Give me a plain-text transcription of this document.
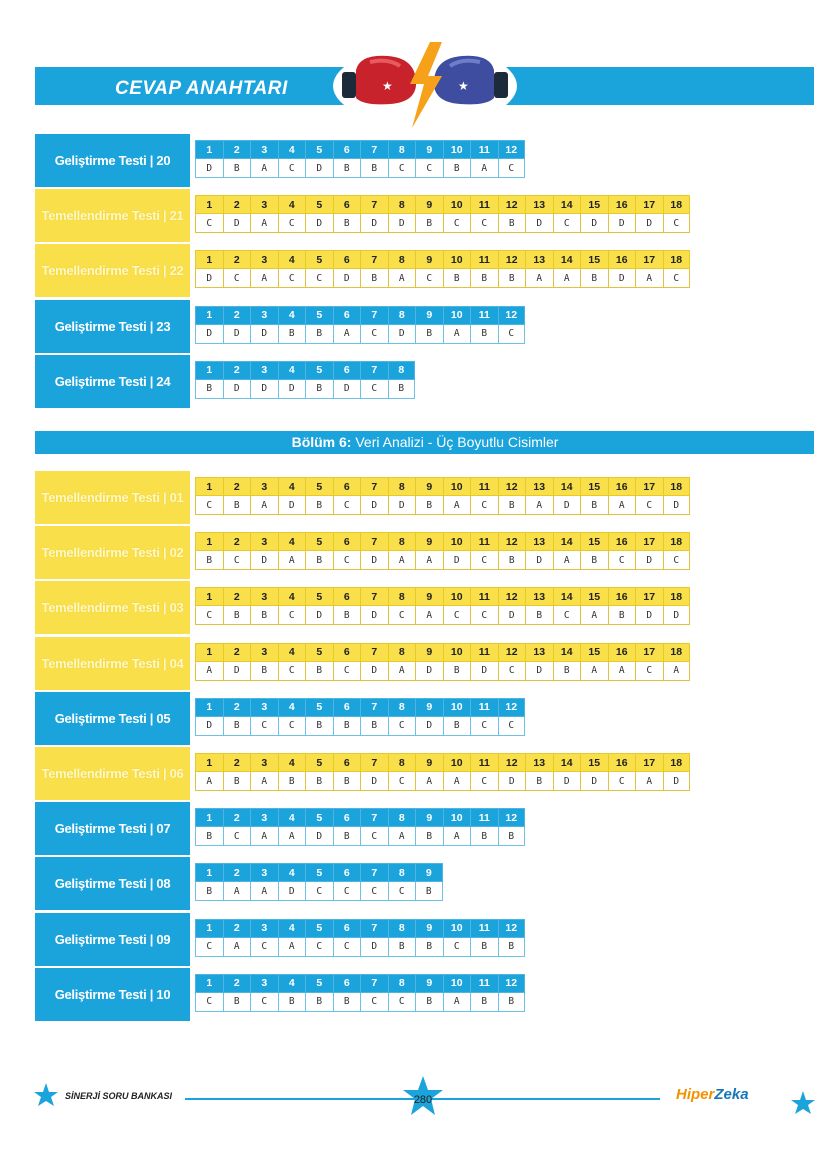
CEVAP ANAHTARI	★	★
Geliştirme Testi | 20
1	2	3	4	5	6	7	8	9	10	11	12
D	B	A	C	D	B	B	C	C	B	A	C
Temellendirme Testi | 21
1	2	3	4	5	6	7	8	9	10	11	12	13	14	15	16	17	18
C	D	A	C	D	B	D	D	B	C	C	B	D	C	D	D	D	C
Temellendirme Testi | 22
1	2	3	4	5	6	7	8	9	10	11	12	13	14	15	16	17	18
D	C	A	C	C	D	B	A	C	B	B	B	A	A	B	D	A	C
Geliştirme Testi | 23
1	2	3	4	5	6	7	8	9	10	11	12
D	D	D	B	B	A	C	D	B	A	B	C
Geliştirme Testi | 24
1	2	3	4	5	6	7	8
B	D	D	D	B	D	C	B
Bölüm 6: Veri Analizi - Üç Boyutlu Cisimler
Temellendirme Testi | 01
1	2	3	4	5	6	7	8	9	10	11	12	13	14	15	16	17	18
C	B	A	D	B	C	D	D	B	A	C	B	A	D	B	A	C	D
Temellendirme Testi | 02
1	2	3	4	5	6	7	8	9	10	11	12	13	14	15	16	17	18
B	C	D	A	B	C	D	A	A	D	C	B	D	A	B	C	D	C
Temellendirme Testi | 03
1	2	3	4	5	6	7	8	9	10	11	12	13	14	15	16	17	18
C	B	B	C	D	B	D	C	A	C	C	D	B	C	A	B	D	D
Temellendirme Testi | 04
1	2	3	4	5	6	7	8	9	10	11	12	13	14	15	16	17	18
A	D	B	C	B	C	D	A	D	B	D	C	D	B	A	A	C	A
Geliştirme Testi | 05
1	2	3	4	5	6	7	8	9	10	11	12
D	B	C	C	B	B	B	C	D	B	C	C
Temellendirme Testi | 06
1	2	3	4	5	6	7	8	9	10	11	12	13	14	15	16	17	18
A	B	A	B	B	B	D	C	A	A	C	D	B	D	D	C	A	D
Geliştirme Testi | 07
1	2	3	4	5	6	7	8	9	10	11	12
B	C	A	A	D	B	C	A	B	A	B	B
Geliştirme Testi | 08
1	2	3	4	5	6	7	8	9
B	A	A	D	C	C	C	C	B
Geliştirme Testi | 09
1	2	3	4	5	6	7	8	9	10	11	12
C	A	C	A	C	C	D	B	B	C	B	B
Geliştirme Testi | 10
1	2	3	4	5	6	7	8	9	10	11	12
C	B	C	B	B	B	C	C	B	A	B	B
SİNERJİ SORU BANKASI	280	HiperZeka
